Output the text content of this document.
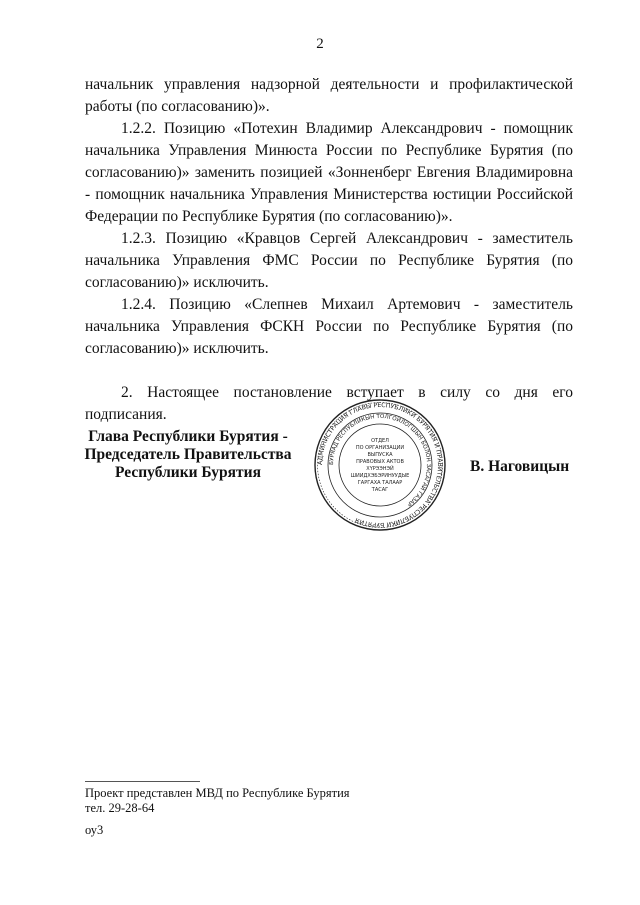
2

начальник управления надзорной деятельности и профилактической работы (по согласованию)».

1.2.2. Позицию «Потехин Владимир Александрович - помощник начальника Управления Минюста России по Республике Бурятия (по согласованию)» заменить позицией «Зонненберг Евгения Владимировна - помощник начальника Управления Министерства юстиции Российской Федерации по Республике Бурятия (по согласованию)».

1.2.3. Позицию «Кравцов Сергей Александрович - заместитель начальника Управления ФМС России по Республике Бурятия (по согласованию)» исключить.

1.2.4. Позицию «Слепнев Михаил Артемович - заместитель начальника Управления ФСКН России по Республике Бурятия (по согласованию)» исключить.

2. Настоящее постановление вступает в силу со дня его подписания.

Глава Республики Бурятия -
Председатель Правительства
Республики Бурятия
АДМИНИСТРАЦИЯ ГЛАВЫ РЕСПУБЛИКИ БУРЯТИЯ И ПРАВИТЕЛЬСТВА РЕСПУБЛИКИ БУРЯТИЯ
БУРЯАД РЕСПУБЛИКЫН ТОЛГОЙЛОГШЫН БОЛОН ЗАСАГАЙ ГАЗАР
ОТДЕЛ
ПО ОРГАНИЗАЦИИ
ВЫПУСКА
ПРАВОВЫХ АКТОВ
ХҮРЭЭНЭЙ
ШИИДХЭБЭРИНУУДЫЕ
ГАРГАХА ТАЛААР
ТАСАГ
В. Наговицын
Проект представлен МВД по Республике Бурятия
тел. 29-28-64
оу3
